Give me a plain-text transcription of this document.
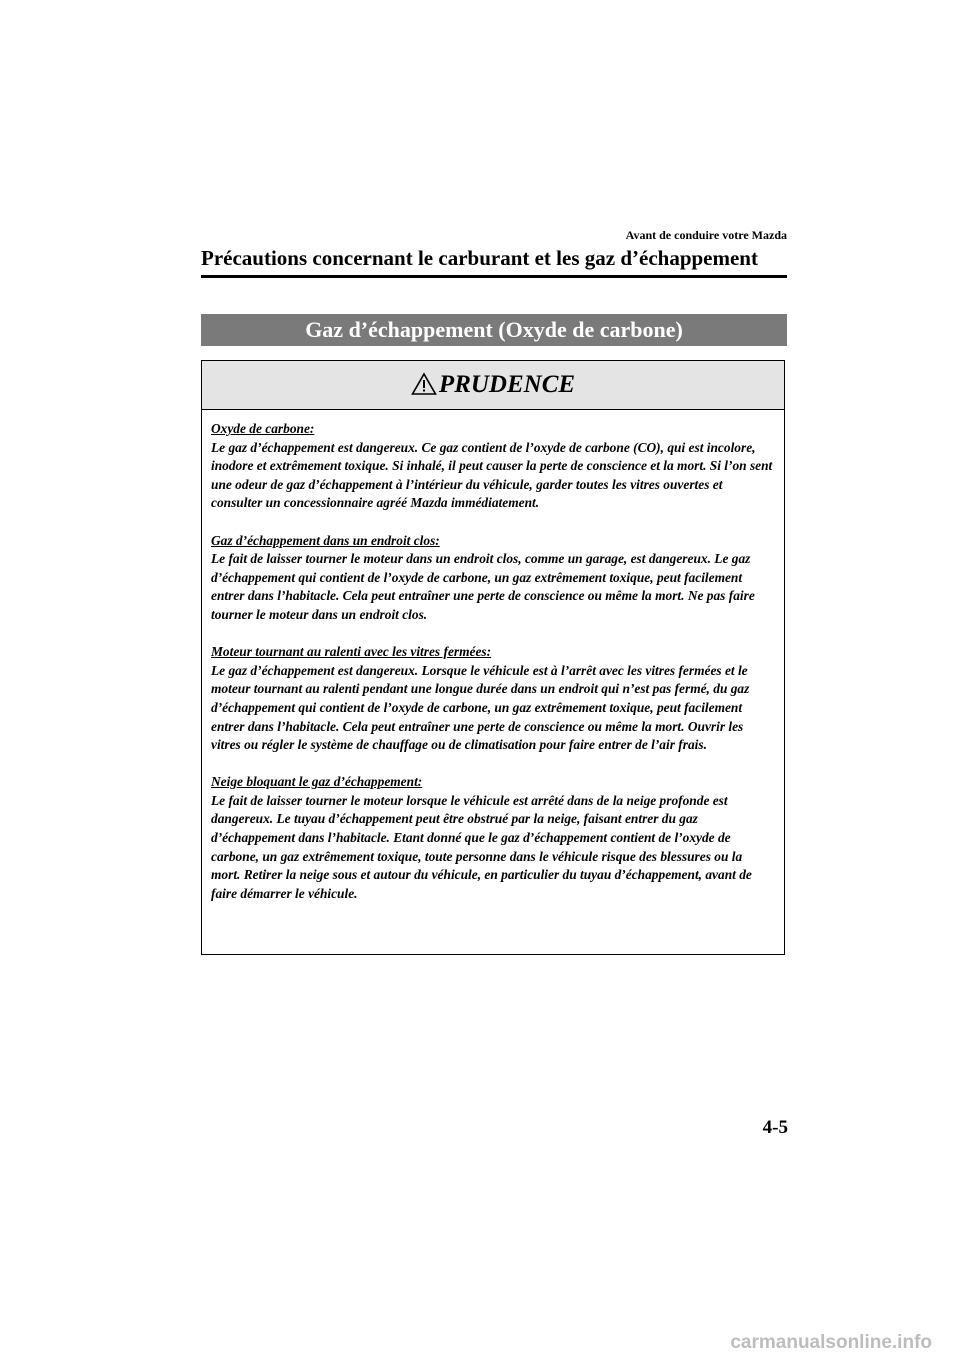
Avant de conduire votre Mazda
Précautions concernant le carburant et les gaz d’échappement
Gaz d’échappement (Oxyde de carbone)
PRUDENCE
Oxyde de carbone:
Le gaz d’échappement est dangereux. Ce gaz contient de l’oxyde de carbone (CO), qui est incolore, inodore et extrêmement toxique. Si inhalé, il peut causer la perte de conscience et la mort. Si l’on sent une odeur de gaz d’échappement à l’intérieur du véhicule, garder toutes les vitres ouvertes et consulter un concessionnaire agréé Mazda immédiatement.
Gaz d’échappement dans un endroit clos:
Le fait de laisser tourner le moteur dans un endroit clos, comme un garage, est dangereux. Le gaz d’échappement qui contient de l’oxyde de carbone, un gaz extrêmement toxique, peut facilement entrer dans l’habitacle. Cela peut entraîner une perte de conscience ou même la mort. Ne pas faire tourner le moteur dans un endroit clos.
Moteur tournant au ralenti avec les vitres fermées:
Le gaz d’échappement est dangereux. Lorsque le véhicule est à l’arrêt avec les vitres fermées et le moteur tournant au ralenti pendant une longue durée dans un endroit qui n’est pas fermé, du gaz d’échappement qui contient de l’oxyde de carbone, un gaz extrêmement toxique, peut facilement entrer dans l’habitacle. Cela peut entraîner une perte de conscience ou même la mort. Ouvrir les vitres ou régler le système de chauffage ou de climatisation pour faire entrer de l’air frais.
Neige bloquant le gaz d’échappement:
Le fait de laisser tourner le moteur lorsque le véhicule est arrêté dans de la neige profonde est dangereux. Le tuyau d’échappement peut être obstrué par la neige, faisant entrer du gaz d’échappement dans l’habitacle. Etant donné que le gaz d’échappement contient de l’oxyde de carbone, un gaz extrêmement toxique, toute personne dans le véhicule risque des blessures ou la mort. Retirer la neige sous et autour du véhicule, en particulier du tuyau d’échappement, avant de faire démarrer le véhicule.
4-5
carmanualsonline.info
